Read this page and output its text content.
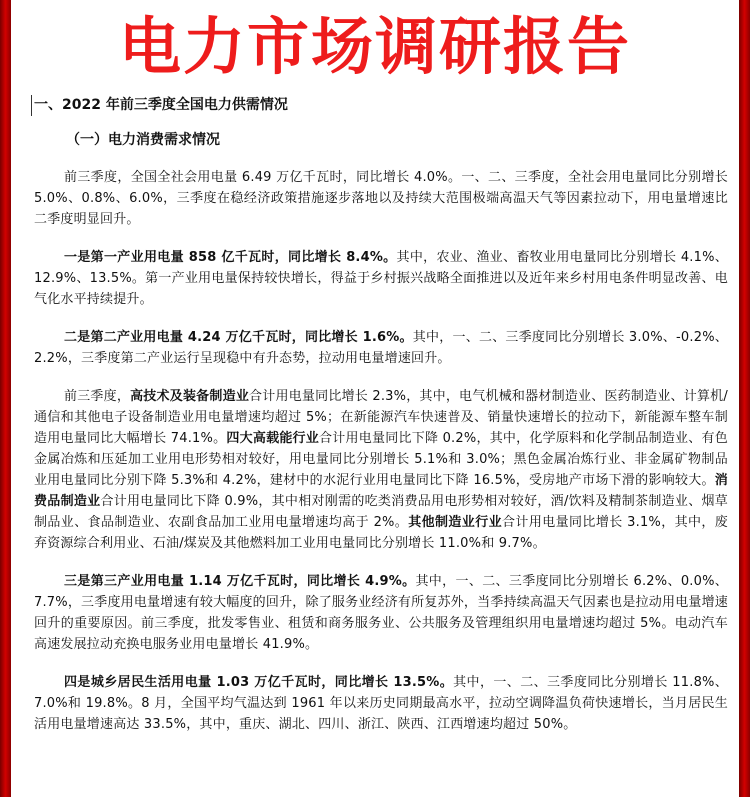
电力市场调研报告
一、2022 年前三季度全国电力供需情况
（一）电力消费需求情况

前三季度，全国全社会用电量 6.49 万亿千瓦时，同比增长 4.0%。一、二、三季度，全社会用电量同比分别增长 5.0%、0.8%、6.0%，三季度在稳经济政策措施逐步落地以及持续大范围极端高温天气等因素拉动下，用电量增速比二季度明显回升。

一是第一产业用电量 858 亿千瓦时，同比增长 8.4%。其中，农业、渔业、畜牧业用电量同比分别增长 4.1%、12.9%、13.5%。第一产业用电量保持较快增长，得益于乡村振兴战略全面推进以及近年来乡村用电条件明显改善、电气化水平持续提升。

二是第二产业用电量 4.24 万亿千瓦时，同比增长 1.6%。其中，一、二、三季度同比分别增长 3.0%、-0.2%、2.2%，三季度第二产业运行呈现稳中有升态势，拉动用电量增速回升。

前三季度，高技术及装备制造业合计用电量同比增长 2.3%，其中，电气机械和器材制造业、医药制造业、计算机/通信和其他电子设备制造业用电量增速均超过 5%；在新能源汽车快速普及、销量快速增长的拉动下，新能源车整车制造用电量同比大幅增长 74.1%。四大高载能行业合计用电量同比下降 0.2%，其中，化学原料和化学制品制造业、有色金属冶炼和压延加工业用电形势相对较好，用电量同比分别增长 5.1%和 3.0%；黑色金属冶炼行业、非金属矿物制品业用电量同比分别下降 5.3%和 4.2%，建材中的水泥行业用电量同比下降 16.5%，受房地产市场下滑的影响较大。消费品制造业合计用电量同比下降 0.9%，其中相对刚需的吃类消费品用电形势相对较好，酒/饮料及精制茶制造业、烟草制品业、食品制造业、农副食品加工业用电量增速均高于 2%。其他制造业行业合计用电量同比增长 3.1%，其中，废弃资源综合利用业、石油/煤炭及其他燃料加工业用电量同比分别增长 11.0%和 9.7%。

三是第三产业用电量 1.14 万亿千瓦时，同比增长 4.9%。其中，一、二、三季度同比分别增长 6.2%、0.0%、7.7%，三季度用电量增速有较大幅度的回升，除了服务业经济有所复苏外，当季持续高温天气因素也是拉动用电量增速回升的重要原因。前三季度，批发零售业、租赁和商务服务业、公共服务及管理组织用电量增速均超过 5%。电动汽车高速发展拉动充换电服务业用电量增长 41.9%。

四是城乡居民生活用电量 1.03 万亿千瓦时，同比增长 13.5%。其中，一、二、三季度同比分别增长 11.8%、7.0%和 19.8%。8 月，全国平均气温达到 1961 年以来历史同期最高水平，拉动空调降温负荷快速增长，当月居民生活用电量增速高达 33.5%，其中，重庆、湖北、四川、浙江、陕西、江西增速均超过 50%。
